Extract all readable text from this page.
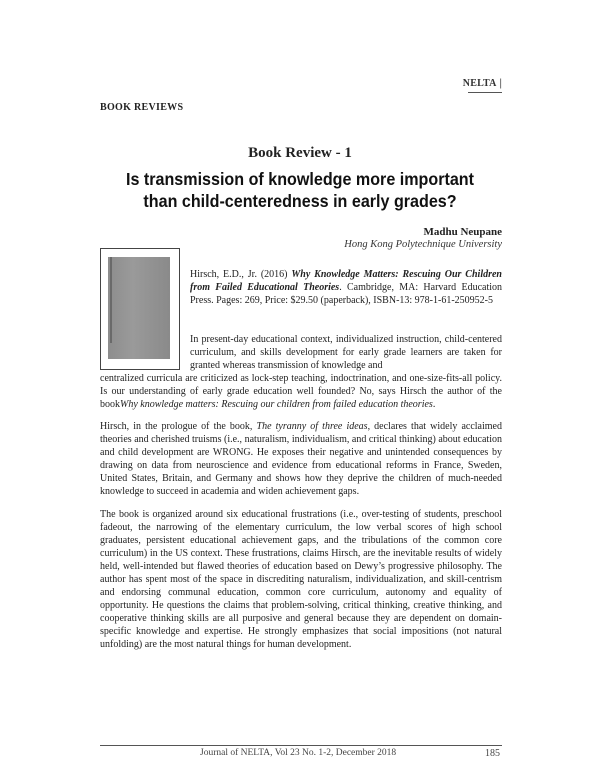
NELTA |
BOOK REVIEWS
Book Review - 1
Is transmission of knowledge more important than child-centeredness in early grades?
Madhu Neupane
Hong Kong Polytechnique University
Hirsch, E.D., Jr. (2016) Why Knowledge Matters: Rescuing Our Children from Failed Educational Theories. Cambridge, MA: Harvard Education Press. Pages: 269, Price: $29.50 (paperback), ISBN-13: 978-1-61-250952-5
In present-day educational context, individualized instruction, child-centered curriculum, and skills development for early grade learners are taken for granted whereas transmission of knowledge and
centralized curricula are criticized as lock-step teaching, indoctrination, and one-size-fits-all policy. Is our understanding of early grade education well founded? No, says Hirsch the author of the bookWhy knowledge matters: Rescuing our children from failed education theories.
Hirsch, in the prologue of the book, The tyranny of three ideas, declares that widely acclaimed theories and cherished truisms (i.e., naturalism, individualism, and critical thinking) about education and child development are WRONG. He exposes their negative and unintended consequences by drawing on data from neuroscience and evidence from educational reforms in France, Sweden, United States, Britain, and Germany and shows how they deprive the children of much-needed knowledge to succeed in academia and widen achievement gaps.
The book is organized around six educational frustrations (i.e., over-testing of students, preschool fadeout, the narrowing of the elementary curriculum, the low verbal scores of high school graduates, persistent educational achievement gaps, and the tribulations of the common core curriculum) in the US context. These frustrations, claims Hirsch, are the inevitable results of widely held, well-intended but flawed theories of education based on Dewy’s progressive philosophy. The author has spent most of the space in discrediting naturalism, individualization, and skill-centrism and endorsing communal education, common core curriculum, autonomy and equality of opportunity. He questions the claims that problem-solving, critical thinking, creative thinking, and cooperative thinking skills are all purposive and general because they are dependent on domain-specific knowledge and expertise. He strongly emphasizes that social impositions (not natural unfolding) are the most natural things for human development.
Journal of NELTA, Vol 23 No. 1-2, December 2018	185
